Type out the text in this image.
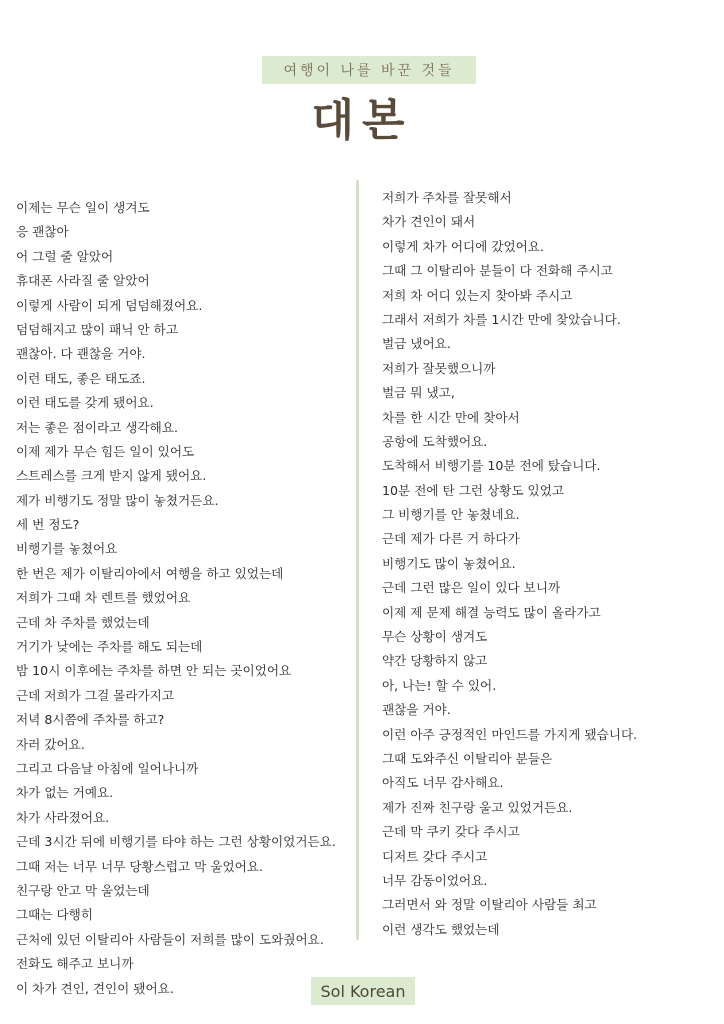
여행이 나를 바꾼 것들
대본
이제는 무슨 일이 생겨도
응 괜찮아
어 그럴 줄 알았어
휴대폰 사라질 줄 알았어
이렇게 사람이 되게 덤덤해졌어요.
덤덤해지고 많이 패닉 안 하고
괜찮아. 다 괜찮을 거야.
이런 태도, 좋은 태도죠.
이런 태도를 갖게 됐어요.
저는 좋은 점이라고 생각해요.
이제 제가 무슨 힘든 일이 있어도
스트레스를 크게 받지 않게 됐어요.
제가 비행기도 정말 많이 놓쳤거든요.
세 번 정도?
비행기를 놓쳤어요
한 번은 제가 이탈리아에서 여행을 하고 있었는데
저희가 그때 차 렌트를 했었어요
근데 차 주차를 했었는데
거기가 낮에는 주차를 해도 되는데
밤 10시 이후에는 주차를 하면 안 되는 곳이었어요
근데 저희가 그걸 몰라가지고
저녁 8시쯤에 주차를 하고?
자러 갔어요.
그리고 다음날 아침에 일어나니까
차가 없는 거예요.
차가 사라졌어요.
근데 3시간 뒤에 비행기를 타야 하는 그런 상황이었거든요.
그때 저는 너무 너무 당황스럽고 막 울었어요.
친구랑 안고 막 울었는데
그때는 다행히
근처에 있던 이탈리아 사람들이 저희를 많이 도와줬어요.
전화도 해주고 보니까
이 차가 견인, 견인이 됐어요.
저희가 주차를 잘못해서
차가 견인이 돼서
이렇게 차가 어디에 갔었어요.
그때 그 이탈리아 분들이 다 전화해 주시고
저희 차 어디 있는지 찾아봐 주시고
그래서 저희가 차를 1시간 만에 찾았습니다.
벌금 냈어요.
저희가 잘못했으니까
벌금 뭐 냈고,
차를 한 시간 만에 찾아서
공항에 도착했어요.
도착해서 비행기를 10분 전에 탔습니다.
10분 전에 탄 그런 상황도 있었고
그 비행기를 안 놓쳤네요.
근데 제가 다른 거 하다가
비행기도 많이 놓쳤어요.
근데 그런 많은 일이 있다 보니까
이제 제 문제 해결 능력도 많이 올라가고
무슨 상황이 생겨도
약간 당황하지 않고
아, 나는! 할 수 있어.
괜찮을 거야.
이런 아주 긍정적인 마인드를 가지게 됐습니다.
그때 도와주신 이탈리아 분들은
아직도 너무 감사해요.
제가 진짜 친구랑 울고 있었거든요.
근데 막 쿠키 갖다 주시고
디저트 갖다 주시고
너무 감동이었어요.
그러면서 와 정말 이탈리아 사람들 최고
이런 생각도 했었는데
Sol Korean
